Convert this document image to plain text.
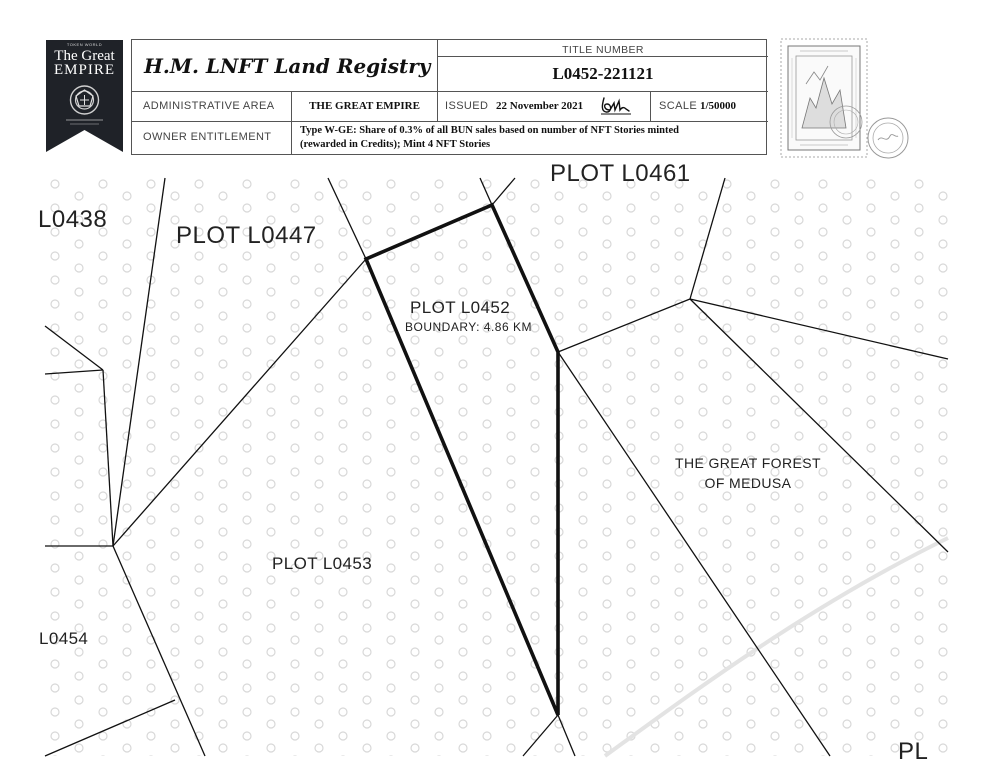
TOKEN WORLD
The Great
EMPIRE	H.M. LNFT Land Registry
TITLE NUMBER
L0452-221121
ADMINISTRATIVE AREA	THE GREAT EMPIRE	ISSUED 22 November 2021	SCALE 1/50000
OWNER ENTITLEMENT
Type W-GE: Share of 0.3% of all BUN sales based on number of NFT Stories minted
(rewarded in Credits); Mint 4 NFT Stories
L0438
PLOT L0447
PLOT L0461
PLOT L0452
BOUNDARY: 4.86 KM
PLOT L0453
L0454
THE GREAT FOREST
OF MEDUSA
PL
